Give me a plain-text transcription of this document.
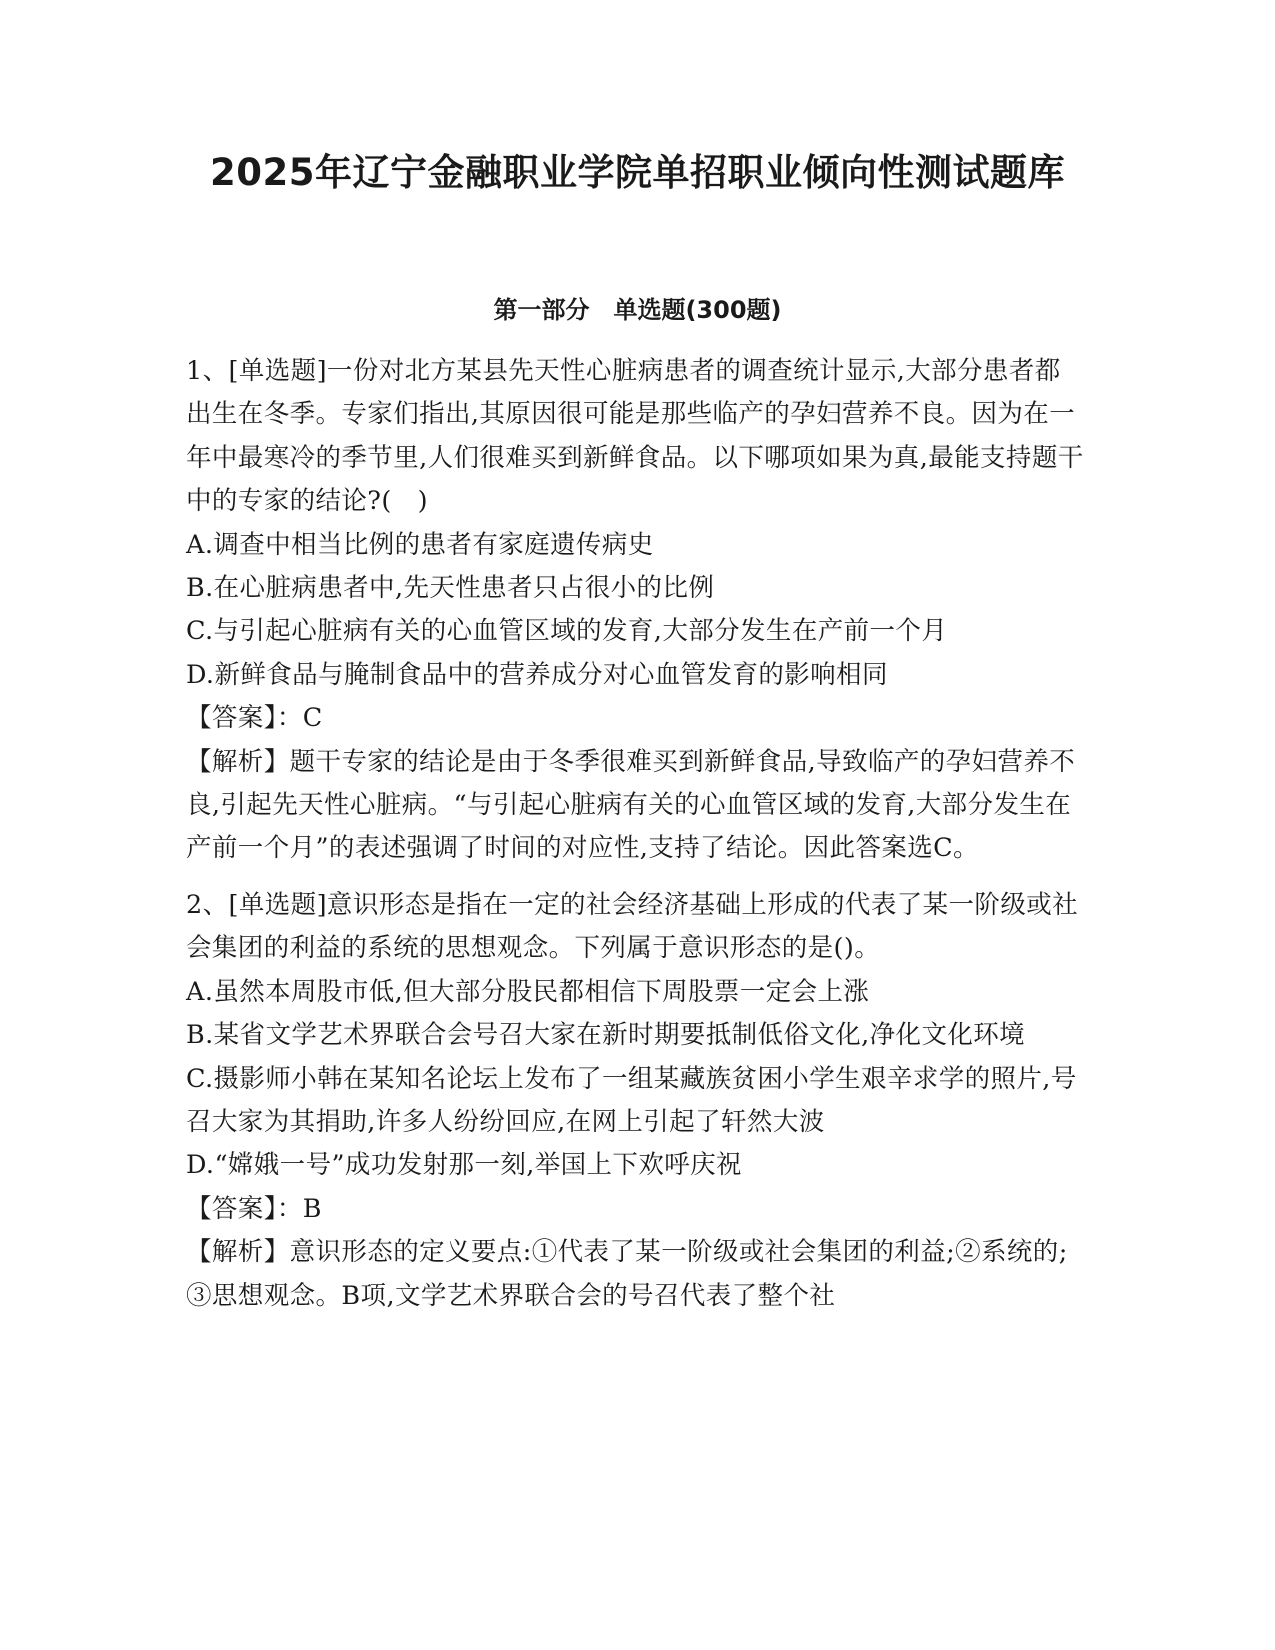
2025年辽宁金融职业学院单招职业倾向性测试题库
第一部分　单选题(300题)

1、[单选题]一份对北方某县先天性心脏病患者的调查统计显示,大部分患者都出生在冬季。专家们指出,其原因很可能是那些临产的孕妇营养不良。因为在一年中最寒冷的季节里,人们很难买到新鲜食品。以下哪项如果为真,最能支持题干中的专家的结论?(　)

A.调查中相当比例的患者有家庭遗传病史

B.在心脏病患者中,先天性患者只占很小的比例

C.与引起心脏病有关的心血管区域的发育,大部分发生在产前一个月

D.新鲜食品与腌制食品中的营养成分对心血管发育的影响相同

【答案】：C

【解析】题干专家的结论是由于冬季很难买到新鲜食品,导致临产的孕妇营养不良,引起先天性心脏病。“与引起心脏病有关的心血管区域的发育,大部分发生在产前一个月”的表述强调了时间的对应性,支持了结论。因此答案选C。

2、[单选题]意识形态是指在一定的社会经济基础上形成的代表了某一阶级或社会集团的利益的系统的思想观念。下列属于意识形态的是()。

A.虽然本周股市低,但大部分股民都相信下周股票一定会上涨

B.某省文学艺术界联合会号召大家在新时期要抵制低俗文化,净化文化环境

C.摄影师小韩在某知名论坛上发布了一组某藏族贫困小学生艰辛求学的照片,号召大家为其捐助,许多人纷纷回应,在网上引起了轩然大波

D.“嫦娥一号”成功发射那一刻,举国上下欢呼庆祝

【答案】：B

【解析】意识形态的定义要点:①代表了某一阶级或社会集团的利益;②系统的;③思想观念。B项,文学艺术界联合会的号召代表了整个社
